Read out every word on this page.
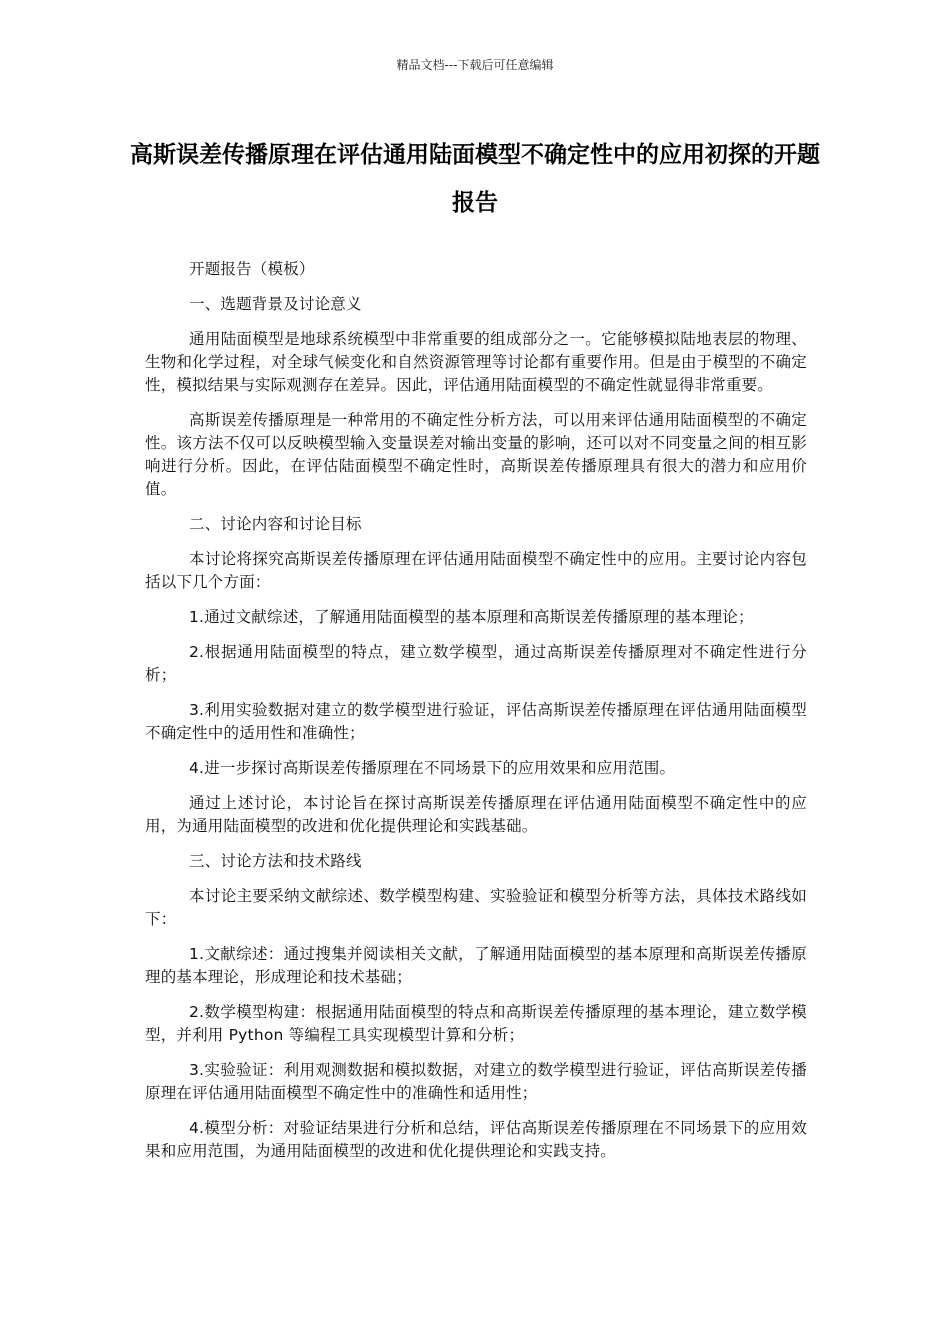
精品文档---下载后可任意编辑
高斯误差传播原理在评估通用陆面模型不确定性中的应用初探的开题报告

开题报告（模板）

一、选题背景及讨论意义

通用陆面模型是地球系统模型中非常重要的组成部分之一。它能够模拟陆地表层的物理、生物和化学过程，对全球气候变化和自然资源管理等讨论都有重要作用。但是由于模型的不确定性，模拟结果与实际观测存在差异。因此，评估通用陆面模型的不确定性就显得非常重要。

高斯误差传播原理是一种常用的不确定性分析方法，可以用来评估通用陆面模型的不确定性。该方法不仅可以反映模型输入变量误差对输出变量的影响，还可以对不同变量之间的相互影响进行分析。因此，在评估陆面模型不确定性时，高斯误差传播原理具有很大的潜力和应用价值。

二、讨论内容和讨论目标

本讨论将探究高斯误差传播原理在评估通用陆面模型不确定性中的应用。主要讨论内容包括以下几个方面：

1.通过文献综述，了解通用陆面模型的基本原理和高斯误差传播原理的基本理论；

2.根据通用陆面模型的特点，建立数学模型，通过高斯误差传播原理对不确定性进行分析；

3.利用实验数据对建立的数学模型进行验证，评估高斯误差传播原理在评估通用陆面模型不确定性中的适用性和准确性；

4.进一步探讨高斯误差传播原理在不同场景下的应用效果和应用范围。

通过上述讨论，本讨论旨在探讨高斯误差传播原理在评估通用陆面模型不确定性中的应用，为通用陆面模型的改进和优化提供理论和实践基础。

三、讨论方法和技术路线

本讨论主要采纳文献综述、数学模型构建、实验验证和模型分析等方法，具体技术路线如下：

1.文献综述：通过搜集并阅读相关文献，了解通用陆面模型的基本原理和高斯误差传播原理的基本理论，形成理论和技术基础；

2.数学模型构建：根据通用陆面模型的特点和高斯误差传播原理的基本理论，建立数学模型，并利用 Python 等编程工具实现模型计算和分析；

3.实验验证：利用观测数据和模拟数据，对建立的数学模型进行验证，评估高斯误差传播原理在评估通用陆面模型不确定性中的准确性和适用性；

4.模型分析：对验证结果进行分析和总结，评估高斯误差传播原理在不同场景下的应用效果和应用范围，为通用陆面模型的改进和优化提供理论和实践支持。
